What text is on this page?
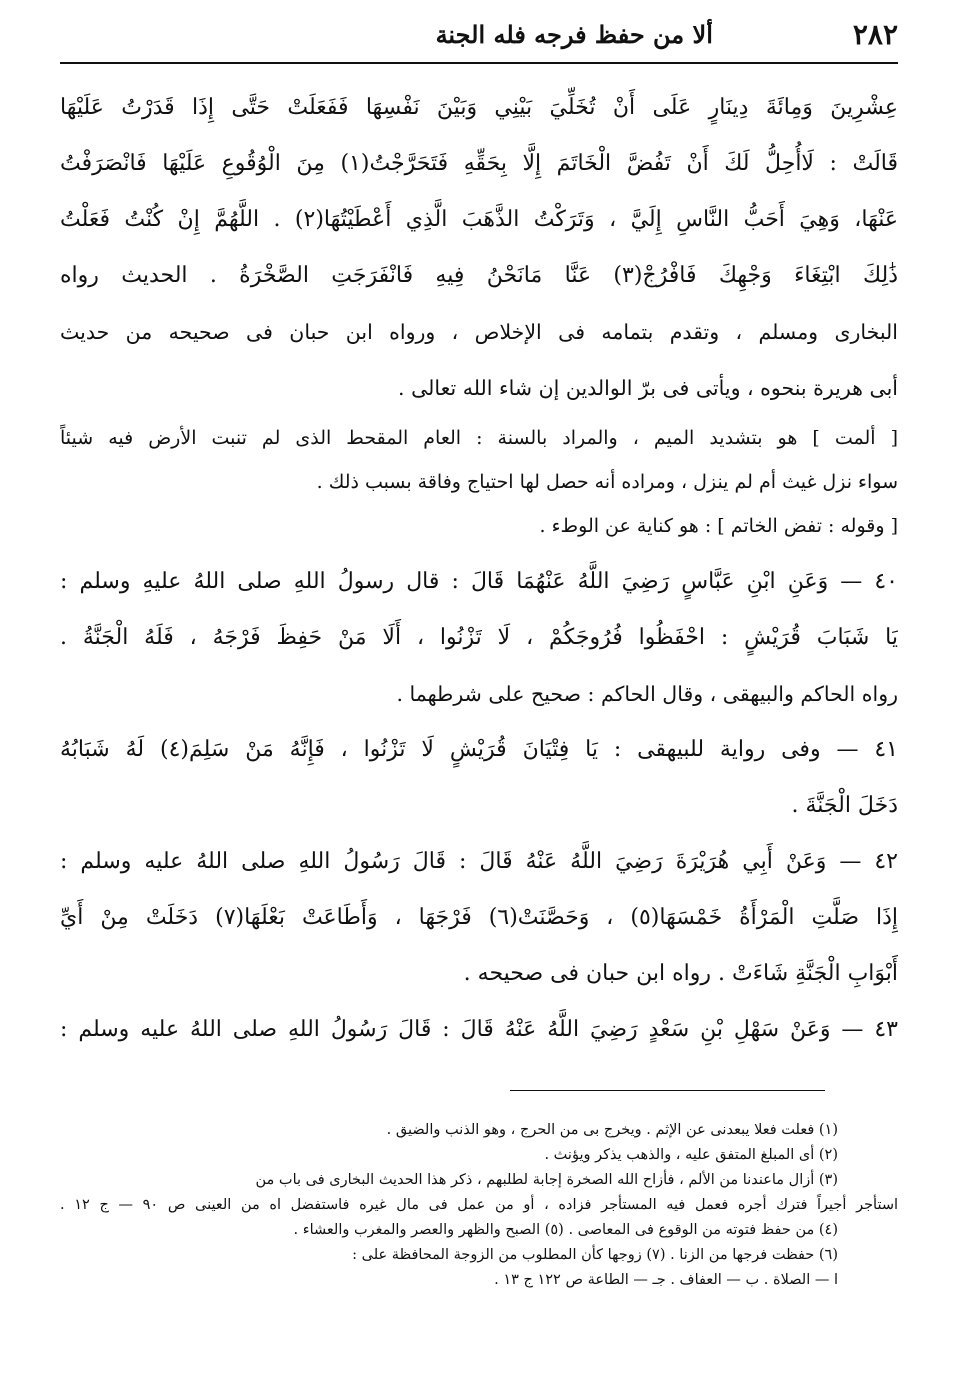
٢٨٢
ألا من حفظ فرجه فله الجنة
عِشْرِينَ وَمِائَةَ دِينَارٍ عَلَى أَنْ تُخَلِّيَ بَيْنِي وَبَيْنَ نَفْسِهَا فَفَعَلَتْ حَتَّى إِذَا قَدَرْتُ عَلَيْهَا
قَالَتْ : لَاأُحِلُّ لَكَ أَنْ تَفُضَّ الْخَاتَمَ إِلَّا بِحَقِّهِ فَتَحَرَّجْتُ(١) مِنَ الْوُقُوعِ عَلَيْهَا فَانْصَرَفْتُ
عَنْهَا، وَهِيَ أَحَبُّ النَّاسِ إِلَيَّ ، وَتَرَكْتُ الذَّهَبَ الَّذِي أَعْطَيْتُهَا(٢) . اللَّهُمَّ إِنْ كُنْتُ فَعَلْتُ
ذَٰلِكَ ابْتِغَاءَ وَجْهِكَ فَافْرُجْ(٣) عَنَّا مَانَحْنُ فِيهِ فَانْفَرَجَتِ الصَّخْرَةُ . الحديث رواه
البخارى ومسلم ، وتقدم بتمامه فى الإخلاص ، ورواه ابن حبان فى صحيحه من حديث
أبى هريرة بنحوه ، ويأتى فى برّ الوالدين إن شاء الله تعالى .
[ ألمت ] هو بتشديد الميم ، والمراد بالسنة : العام المقحط الذى لم تنبت الأرض فيه شيئاً
سواء نزل غيث أم لم ينزل ، ومراده أنه حصل لها احتياج وفاقة بسبب ذلك .
[ وقوله : تفض الخاتم ] : هو كناية عن الوطء .
٤٠ — وَعَنِ ابْنِ عَبَّاسٍ رَضِيَ اللَّهُ عَنْهُمَا قَالَ : قال رسولُ اللهِ صلى اللهُ عليهِ وسلم :
يَا شَبَابَ قُرَيْشٍ : احْفَظُوا فُرُوجَكُمْ ، لَا تَزْنُوا ، أَلَا مَنْ حَفِظَ فَرْجَهُ ، فَلَهُ الْجَنَّةُ .
رواه الحاكم والبيهقى ، وقال الحاكم : صحيح على شرطهما .
٤١ — وفى رواية للبيهقى : يَا فِتْيَانَ قُرَيْشٍ لَا تَزْنُوا ، فَإِنَّهُ مَنْ سَلِمَ(٤) لَهُ شَبَابُهُ
دَخَلَ الْجَنَّةَ .
٤٢ — وَعَنْ أَبِي هُرَيْرَةَ رَضِيَ اللَّهُ عَنْهُ قَالَ : قَالَ رَسُولُ اللهِ صلى اللهُ عليه وسلم :
إِذَا صَلَّتِ الْمَرْأَةُ خَمْسَهَا(٥) ، وَحَصَّنَتْ(٦) فَرْجَهَا ، وَأَطَاعَتْ بَعْلَهَا(٧) دَخَلَتْ مِنْ أَيِّ
أَبْوَابِ الْجَنَّةِ شَاءَتْ . رواه ابن حبان فى صحيحه .
٤٣ — وَعَنْ سَهْلِ بْنِ سَعْدٍ رَضِيَ اللَّهُ عَنْهُ قَالَ : قَالَ رَسُولُ اللهِ صلى اللهُ عليه وسلم :
(١) فعلت فعلا يبعدنى عن الإثم . ويخرج بى من الحرج ، وهو الذنب والضيق .
(٢) أى المبلغ المتفق عليه ، والذهب يذكر ويؤنث .
(٣) أزال ماعندنا من الألم ، فأزاح الله الصخرة إجابة لطلبهم ، ذكر هذا الحديث البخارى فى باب من
استأجر أجيراً فترك أجره فعمل فيه المستأجر فزاده ، أو من عمل فى مال غيره فاستفضل اه من العينى ص ٩٠ — ج ١٢ .
(٤) من حفظ فتوته من الوقوع فى المعاصى . (٥) الصبح والظهر والعصر والمغرب والعشاء .
(٦) حفظت فرجها من الزنا . (٧) زوجها كأن المطلوب من الزوجة المحافظة على :
ا — الصلاة . ب — العفاف . جـ — الطاعة ص ١٢٢ ج ١٣ .
